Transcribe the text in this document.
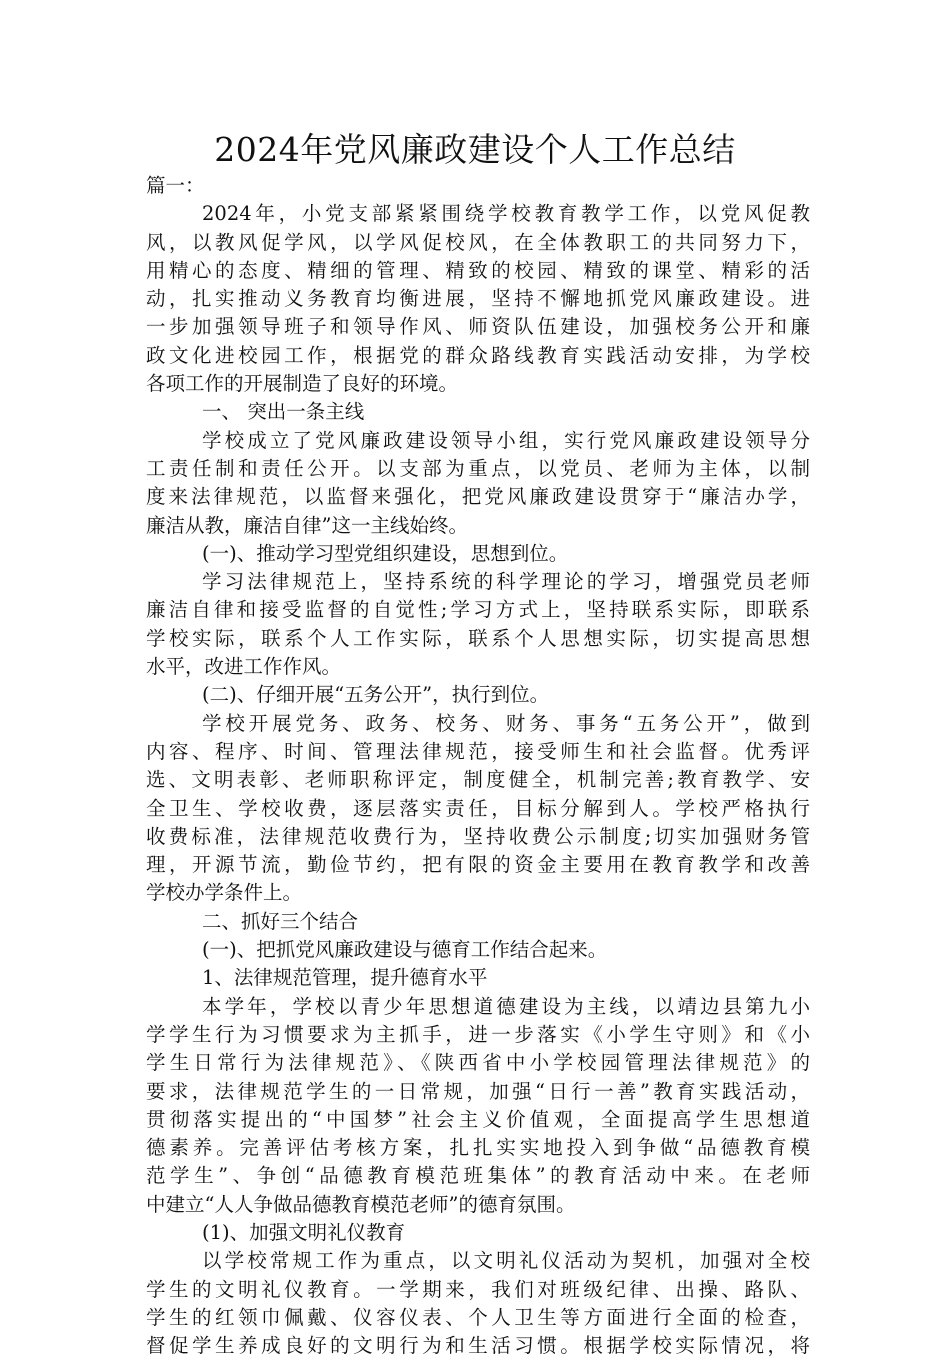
2024年党风廉政建设个人工作总结
篇一：
2024年，小党支部紧紧围绕学校教育教学工作，以党风促教
风，以教风促学风，以学风促校风，在全体教职工的共同努力下，
用精心的态度、精细的管理、精致的校园、精致的课堂、精彩的活
动，扎实推动义务教育均衡进展，坚持不懈地抓党风廉政建设。进
一步加强领导班子和领导作风、师资队伍建设，加强校务公开和廉
政文化进校园工作，根据党的群众路线教育实践活动安排，为学校
各项工作的开展制造了良好的环境。
一、 突出一条主线
学校成立了党风廉政建设领导小组，实行党风廉政建设领导分
工责任制和责任公开。以支部为重点，以党员、老师为主体，以制
度来法律规范，以监督来强化，把党风廉政建设贯穿于“廉洁办学，
廉洁从教，廉洁自律”这一主线始终。
(一)、推动学习型党组织建设，思想到位。
学习法律规范上，坚持系统的科学理论的学习，增强党员老师
廉洁自律和接受监督的自觉性;学习方式上，坚持联系实际，即联系
学校实际，联系个人工作实际，联系个人思想实际，切实提高思想
水平，改进工作作风。
(二)、仔细开展“五务公开”，执行到位。
学校开展党务、政务、校务、财务、事务“五务公开”，做到
内容、程序、时间、管理法律规范，接受师生和社会监督。优秀评
选、文明表彰、老师职称评定，制度健全，机制完善;教育教学、安
全卫生、学校收费，逐层落实责任，目标分解到人。学校严格执行
收费标准，法律规范收费行为，坚持收费公示制度;切实加强财务管
理，开源节流，勤俭节约，把有限的资金主要用在教育教学和改善
学校办学条件上。
二、抓好三个结合
(一)、把抓党风廉政建设与德育工作结合起来。
1、法律规范管理，提升德育水平
本学年，学校以青少年思想道德建设为主线，以靖边县第九小
学学生行为习惯要求为主抓手，进一步落实《小学生守则》和《小
学生日常行为法律规范》、《陕西省中小学校园管理法律规范》的
要求，法律规范学生的一日常规，加强“日行一善”教育实践活动，
贯彻落实提出的“中国梦”社会主义价值观，全面提高学生思想道
德素养。完善评估考核方案，扎扎实实地投入到争做“品德教育模
范学生”、争创“品德教育模范班集体”的教育活动中来。在老师
中建立“人人争做品德教育模范老师”的德育氛围。
(1)、加强文明礼仪教育
以学校常规工作为重点，以文明礼仪活动为契机，加强对全校
学生的文明礼仪教育。一学期来，我们对班级纪律、出操、路队、
学生的红领巾佩戴、仪容仪表、个人卫生等方面进行全面的检查，
督促学生养成良好的文明行为和生活习惯。根据学校实际情况，将
